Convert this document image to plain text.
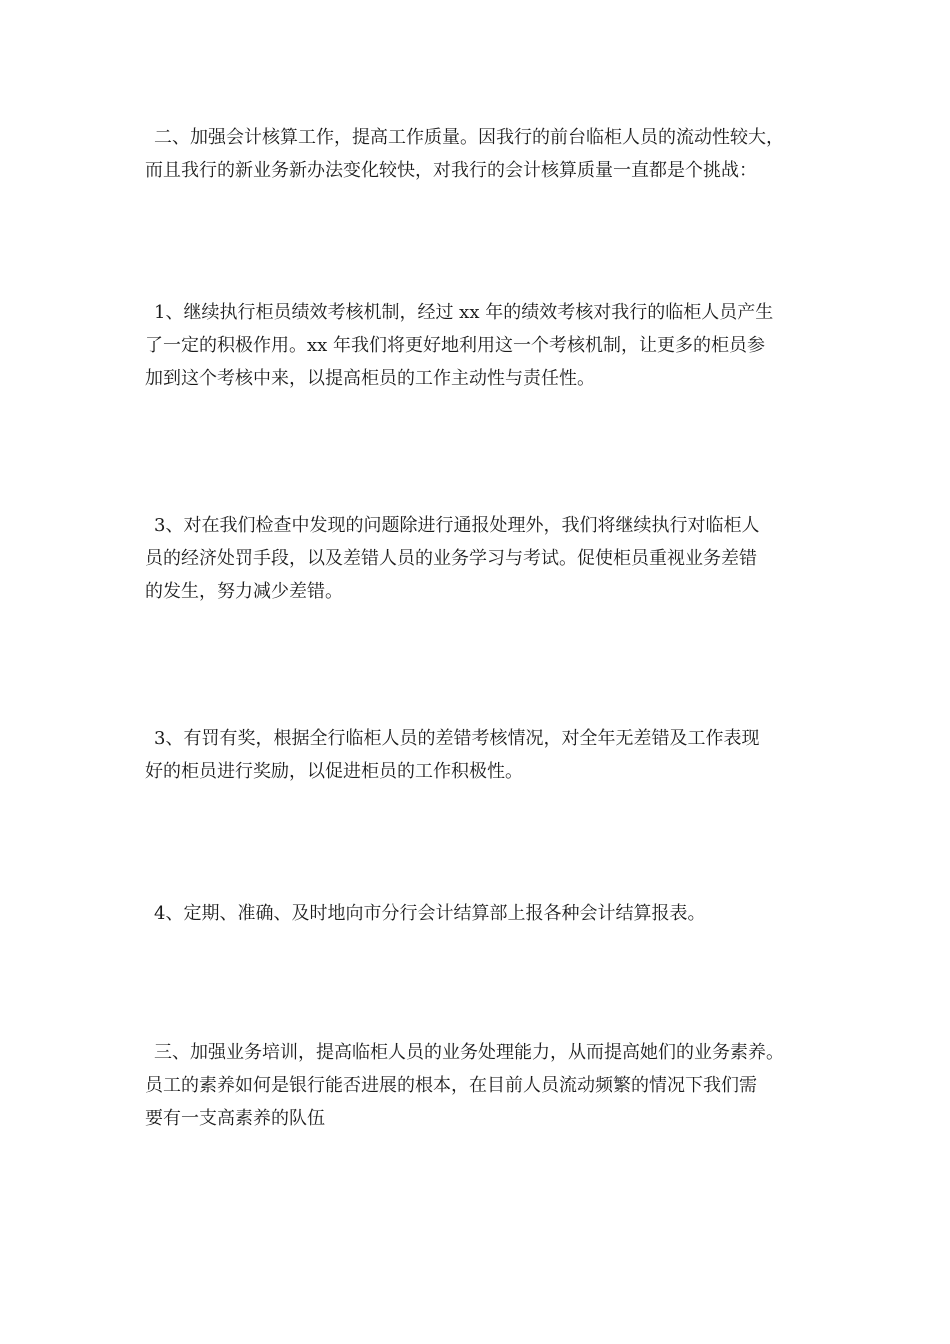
二、加强会计核算工作，提高工作质量。因我行的前台临柜人员的流动性较大，
而且我行的新业务新办法变化较快，对我行的会计核算质量一直都是个挑战：
1、继续执行柜员绩效考核机制，经过 xx 年的绩效考核对我行的临柜人员产生
了一定的积极作用。xx 年我们将更好地利用这一个考核机制，让更多的柜员参
加到这个考核中来，以提高柜员的工作主动性与责任性。
3、对在我们检查中发现的问题除进行通报处理外，我们将继续执行对临柜人
员的经济处罚手段，以及差错人员的业务学习与考试。促使柜员重视业务差错
的发生，努力减少差错。
3、有罚有奖，根据全行临柜人员的差错考核情况，对全年无差错及工作表现
好的柜员进行奖励，以促进柜员的工作积极性。
4、定期、准确、及时地向市分行会计结算部上报各种会计结算报表。
三、加强业务培训，提高临柜人员的业务处理能力，从而提高她们的业务素养。
员工的素养如何是银行能否进展的根本，在目前人员流动频繁的情况下我们需
要有一支高素养的队伍
